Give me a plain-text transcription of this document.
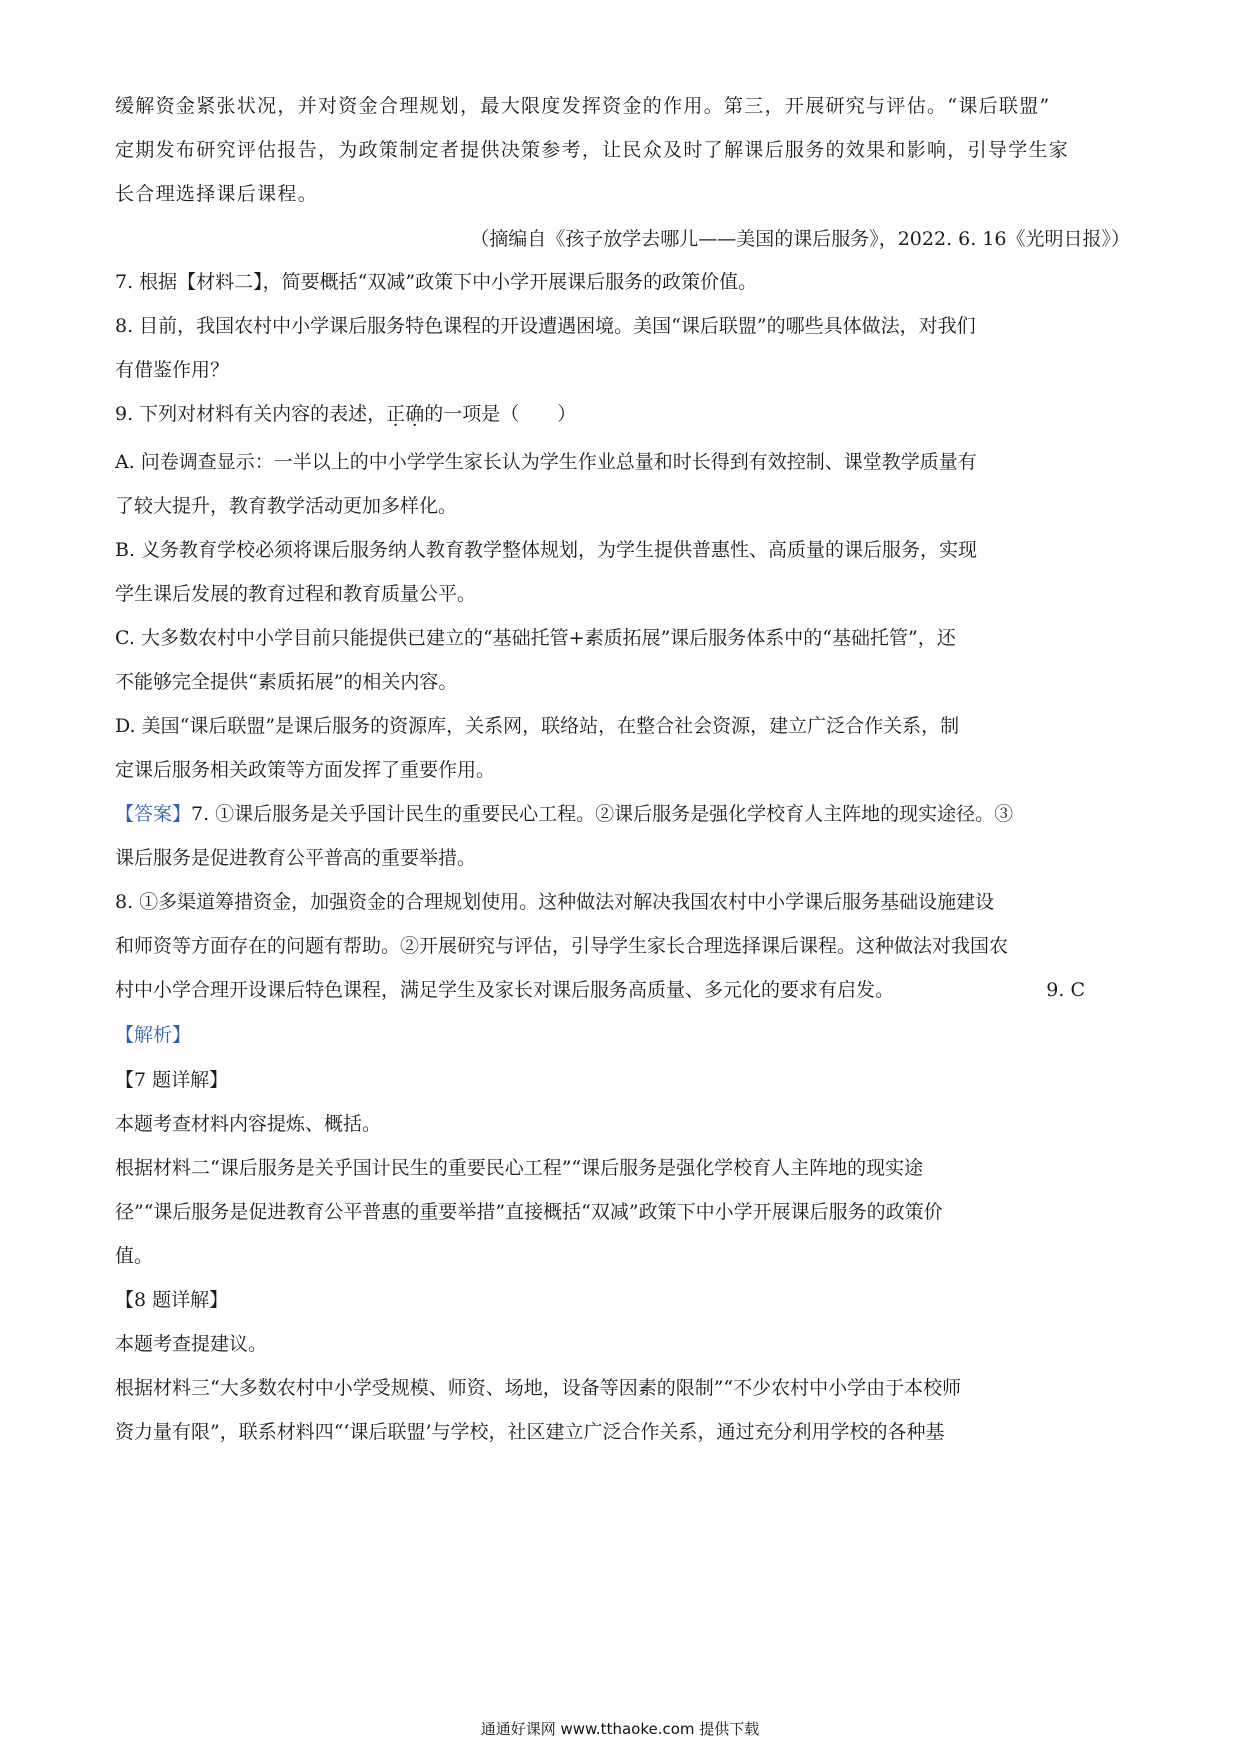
缓解资金紧张状况，并对资金合理规划，最大限度发挥资金的作用。第三，开展研究与评估。“课后联盟”
定期发布研究评估报告，为政策制定者提供决策参考，让民众及时了解课后服务的效果和影响，引导学生家
长合理选择课后课程。
（摘编自《孩子放学去哪儿——美国的课后服务》，2022. 6. 16《光明日报》）
7. 根据【材料二】，简要概括“双减”政策下中小学开展课后服务的政策价值。
8. 目前，我国农村中小学课后服务特色课程的开设遭遇困境。美国“课后联盟”的哪些具体做法，对我们
有借鉴作用？
9. 下列对材料有关内容的表述，正确的一项是（　　）
A. 问卷调查显示：一半以上的中小学学生家长认为学生作业总量和时长得到有效控制、课堂教学质量有
了较大提升，教育教学活动更加多样化。
B. 义务教育学校必须将课后服务纳人教育教学整体规划，为学生提供普惠性、高质量的课后服务，实现
学生课后发展的教育过程和教育质量公平。
C. 大多数农村中小学目前只能提供已建立的“基础托管+素质拓展”课后服务体系中的“基础托管”，还
不能够完全提供“素质拓展”的相关内容。
D. 美国“课后联盟”是课后服务的资源库，关系网，联络站，在整合社会资源，建立广泛合作关系，制
定课后服务相关政策等方面发挥了重要作用。
【答案】7. ①课后服务是关乎国计民生的重要民心工程。②课后服务是强化学校育人主阵地的现实途径。③
课后服务是促进教育公平普高的重要举措。
8. ①多渠道筹措资金，加强资金的合理规划使用。这种做法对解决我国农村中小学课后服务基础设施建设
和师资等方面存在的问题有帮助。②开展研究与评估，引导学生家长合理选择课后课程。这种做法对我国农
村中小学合理开设课后特色课程，满足学生及家长对课后服务高质量、多元化的要求有启发。	9. C
【解析】
【7 题详解】
本题考查材料内容提炼、概括。
根据材料二“课后服务是关乎国计民生的重要民心工程”“课后服务是强化学校育人主阵地的现实途
径”“课后服务是促进教育公平普惠的重要举措”直接概括“双减”政策下中小学开展课后服务的政策价
值。
【8 题详解】
本题考查提建议。
根据材料三“大多数农村中小学受规模、师资、场地，设备等因素的限制”“不少农村中小学由于本校师
资力量有限”，联系材料四“‘课后联盟’与学校，社区建立广泛合作关系，通过充分利用学校的各种基
通通好课网 www.tthaoke.com 提供下载
